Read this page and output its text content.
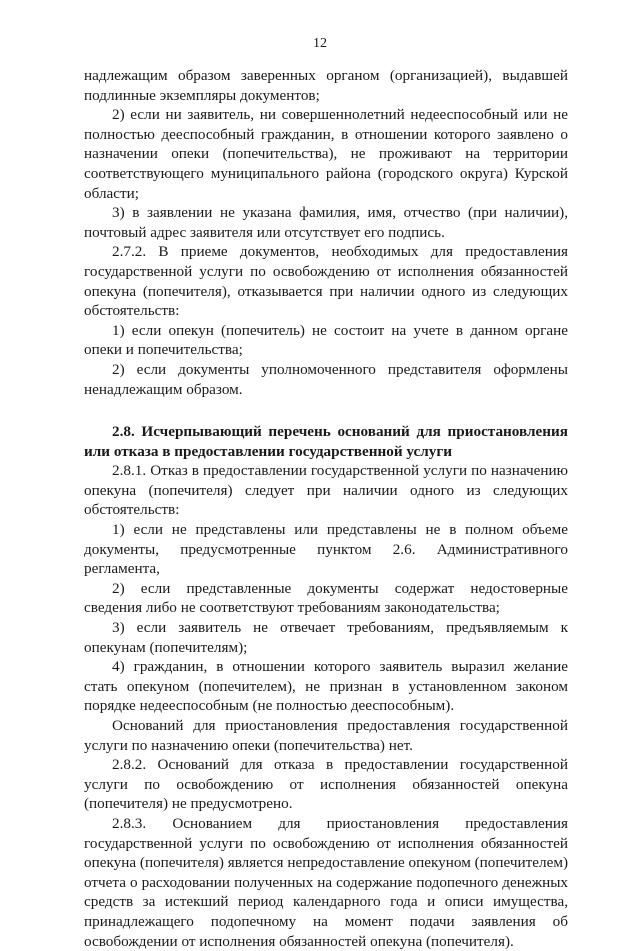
12

надлежащим образом заверенных органом (организацией), выдавшей подлинные экземпляры документов;

2) если ни заявитель, ни совершеннолетний недееспособный или не полностью дееспособный гражданин, в отношении которого заявлено о назначении опеки (попечительства), не проживают на территории соответствующего муниципального района (городского округа) Курской области;

3) в заявлении не указана фамилия, имя, отчество (при наличии), почтовый адрес заявителя или отсутствует его подпись.

2.7.2. В приеме документов, необходимых для предоставления государственной услуги по освобождению от исполнения обязанностей опекуна (попечителя), отказывается при наличии одного из следующих обстоятельств:

1) если опекун (попечитель) не состоит на учете в данном органе опеки и попечительства;

2) если документы уполномоченного представителя оформлены ненадлежащим образом.

2.8. Исчерпывающий перечень оснований для приостановления или отказа в предоставлении государственной услуги

2.8.1. Отказ в предоставлении государственной услуги по назначению опекуна (попечителя) следует при наличии одного из следующих обстоятельств:

1) если не представлены или представлены не в полном объеме документы, предусмотренные пунктом 2.6. Административного регламента,

2) если представленные документы содержат недостоверные сведения либо не соответствуют требованиям законодательства;

3) если заявитель не отвечает требованиям, предъявляемым к опекунам (попечителям);

4) гражданин, в отношении которого заявитель выразил желание стать опекуном (попечителем), не признан в установленном законом порядке недееспособным (не полностью дееспособным).

Оснований для приостановления предоставления государственной услуги по назначению опеки (попечительства) нет.

2.8.2. Оснований для отказа в предоставлении государственной услуги по освобождению от исполнения обязанностей опекуна (попечителя) не предусмотрено.

2.8.3. Основанием для приостановления предоставления государственной услуги по освобождению от исполнения обязанностей опекуна (попечителя) является непредоставление опекуном (попечителем) отчета о расходовании полученных на содержание подопечного денежных средств за истекший период календарного года и описи имущества, принадлежащего подопечному на момент подачи заявления об освобождении от исполнения обязанностей опекуна (попечителя).
